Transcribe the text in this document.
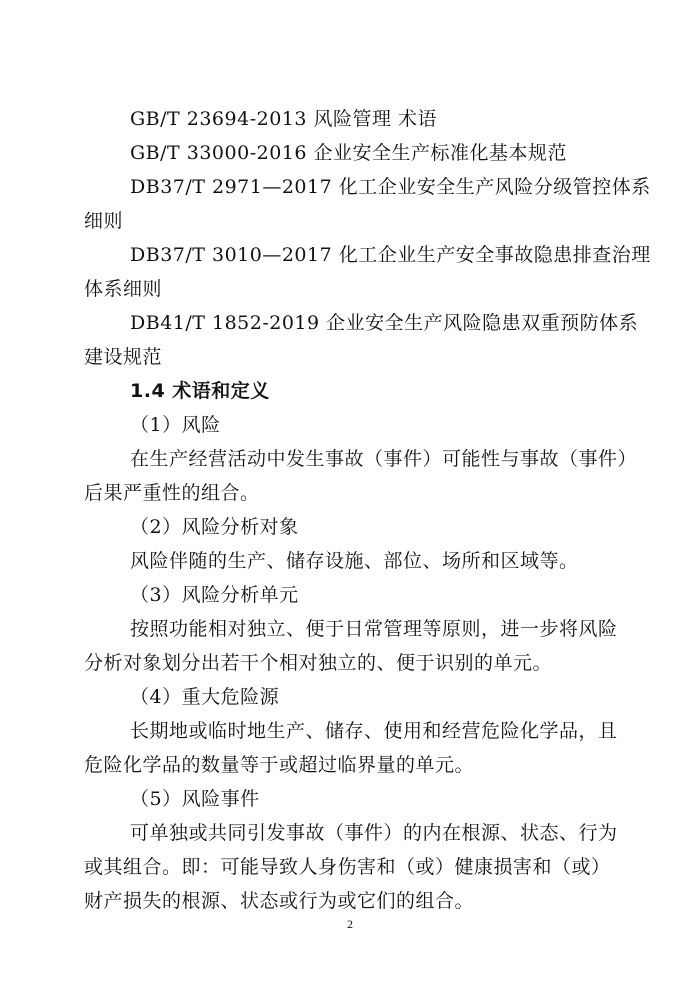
GB/T 23694-2013 风险管理 术语
GB/T 33000-2016 企业安全生产标准化基本规范
DB37/T 2971—2017 化工企业安全生产风险分级管控体系
细则
DB37/T 3010—2017 化工企业生产安全事故隐患排查治理
体系细则
DB41/T 1852-2019 企业安全生产风险隐患双重预防体系
建设规范
1.4 术语和定义
（1）风险
在生产经营活动中发生事故（事件）可能性与事故（事件）
后果严重性的组合。
（2）风险分析对象
风险伴随的生产、储存设施、部位、场所和区域等。
（3）风险分析单元
按照功能相对独立、便于日常管理等原则，进一步将风险
分析对象划分出若干个相对独立的、便于识别的单元。
（4）重大危险源
长期地或临时地生产、储存、使用和经营危险化学品，且
危险化学品的数量等于或超过临界量的单元。
（5）风险事件
可单独或共同引发事故（事件）的内在根源、状态、行为
或其组合。即：可能导致人身伤害和（或）健康损害和（或）
财产损失的根源、状态或行为或它们的组合。
2
